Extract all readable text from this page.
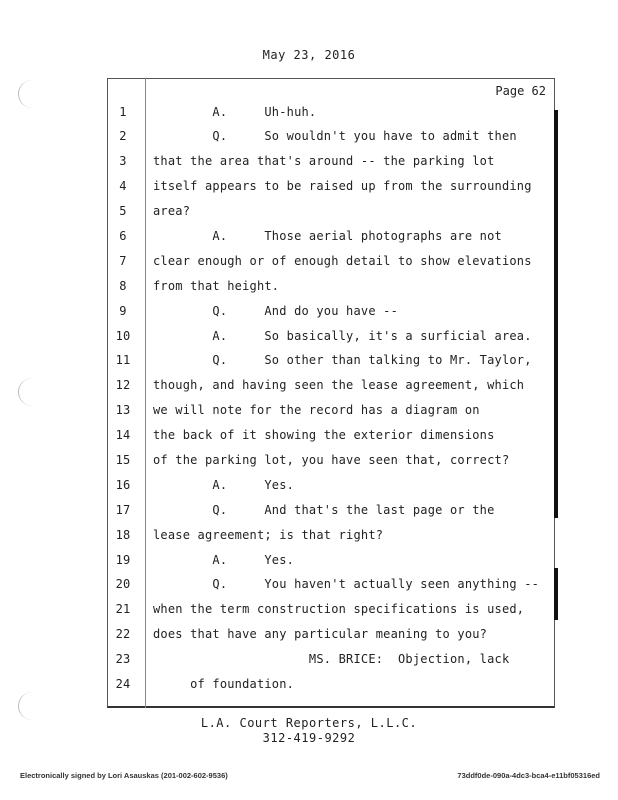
May 23, 2016
Page 62
1	A.     Uh-huh.
2	Q.     So wouldn't you have to admit then
3	that the area that's around -- the parking lot
4	itself appears to be raised up from the surrounding
5	area?
6	A.     Those aerial photographs are not
7	clear enough or of enough detail to show elevations
8	from that height.
9	Q.     And do you have --
10	A.     So basically, it's a surficial area.
11	Q.     So other than talking to Mr. Taylor,
12	though, and having seen the lease agreement, which
13	we will note for the record has a diagram on
14	the back of it showing the exterior dimensions
15	of the parking lot, you have seen that, correct?
16	A.     Yes.
17	Q.     And that's the last page or the
18	lease agreement; is that right?
19	A.     Yes.
20	Q.     You haven't actually seen anything --
21	when the term construction specifications is used,
22	does that have any particular meaning to you?
23	MS. BRICE:  Objection, lack
24	of foundation.
L.A. Court Reporters, L.L.C.
312-419-9292
Electronically signed by Lori Asauskas (201-002-602-9536)	73ddf0de-090a-4dc3-bca4-e11bf05316ed
